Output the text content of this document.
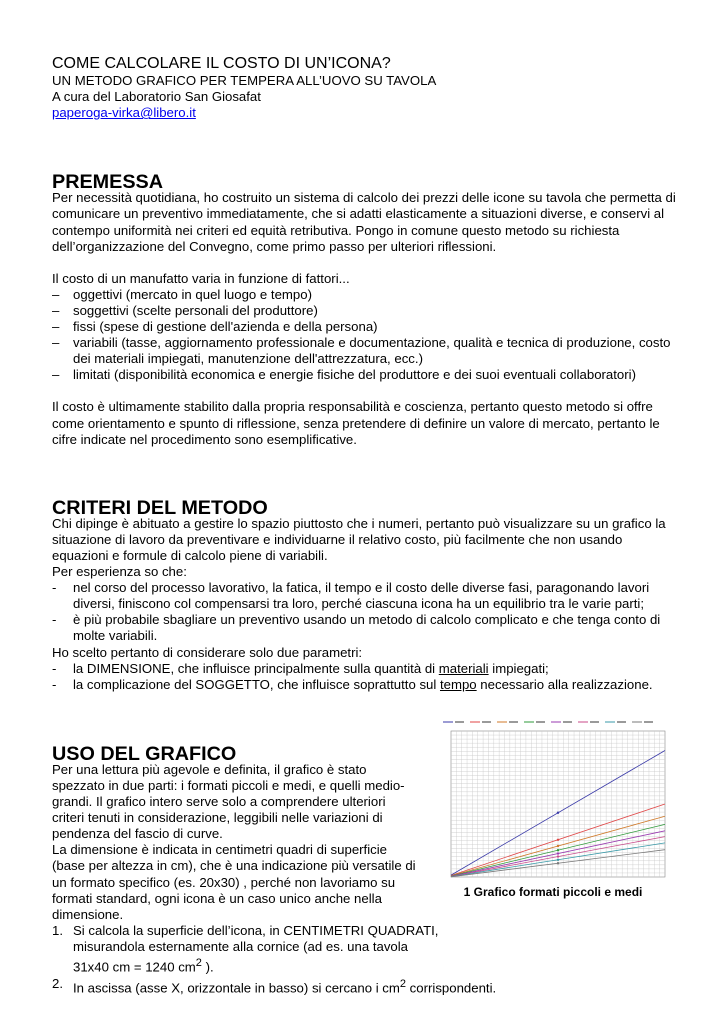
COME CALCOLARE IL COSTO DI UN’ICONA?

UN METODO GRAFICO PER TEMPERA ALL’UOVO SU TAVOLA

A cura del Laboratorio San Giosafat

paperoga-virka@libero.it

PREMESSA

Per necessità quotidiana, ho costruito un sistema di calcolo dei prezzi delle icone su tavola che permetta di comunicare un preventivo immediatamente, che si adatti elasticamente a situazioni diverse, e conservi al contempo uniformità nei criteri ed equità retributiva. Pongo in comune questo metodo su richiesta dell’organizzazione del Convegno, come primo passo per ulteriori riflessioni.

Il costo di un manufatto varia in funzione di fattori...

– oggettivi (mercato in quel luogo e tempo)
– soggettivi (scelte personali del produttore)
– fissi (spese di gestione dell'azienda e della persona)
– variabili (tasse, aggiornamento professionale e documentazione, qualità e tecnica di produzione, costo dei materiali impiegati, manutenzione dell'attrezzatura, ecc.)
– limitati (disponibilità economica e energie fisiche del produttore e dei suoi eventuali collaboratori)

Il costo è ultimamente stabilito dalla propria responsabilità e coscienza, pertanto questo metodo si offre come orientamento e spunto di riflessione, senza pretendere di definire un valore di mercato, pertanto le cifre indicate nel procedimento sono esemplificative.

CRITERI DEL METODO

Chi dipinge è abituato a gestire lo spazio piuttosto che i numeri, pertanto può visualizzare su un grafico la situazione di lavoro da preventivare e individuarne il relativo costo, più facilmente che non usando equazioni e formule di calcolo piene di variabili.

Per esperienza so che:

- nel corso del processo lavorativo, la fatica, il tempo e il costo delle diverse fasi, paragonando lavori diversi, finiscono col compensarsi tra loro, perché ciascuna icona ha un equilibrio tra le varie parti;
- è più probabile sbagliare un preventivo usando un metodo di calcolo complicato e che tenga conto di molte variabili.

Ho scelto pertanto di considerare solo due parametri:

- la DIMENSIONE, che influisce principalmente sulla quantità di materiali impiegati;
- la complicazione del SOGGETTO, che influisce soprattutto sul tempo necessario alla realizzazione.
USO DEL GRAFICO

Per una lettura più agevole e definita, il grafico è stato spezzato in due parti: i formati piccoli e medi, e quelli medio-grandi. Il grafico intero serve solo a comprendere ulteriori criteri tenuti in considerazione, leggibili nelle variazioni di pendenza del fascio di curve.

La dimensione è indicata in centimetri quadri di superficie (base per altezza in cm), che è una indicazione più versatile di un formato specifico (es. 20x30) , perché non lavoriamo su formati standard, ogni icona è un caso unico anche nella dimensione.

1. Si calcola la superficie dell’icona, in CENTIMETRI QUADRATI, misurandola esternamente alla cornice (ad es. una tavola 31x40 cm = 1240 $cm^2$ ).
2. In ascissa (asse X, orizzontale in basso) si cercano i $cm^2$ corrispondenti.
1 Grafico formati piccoli e medi
